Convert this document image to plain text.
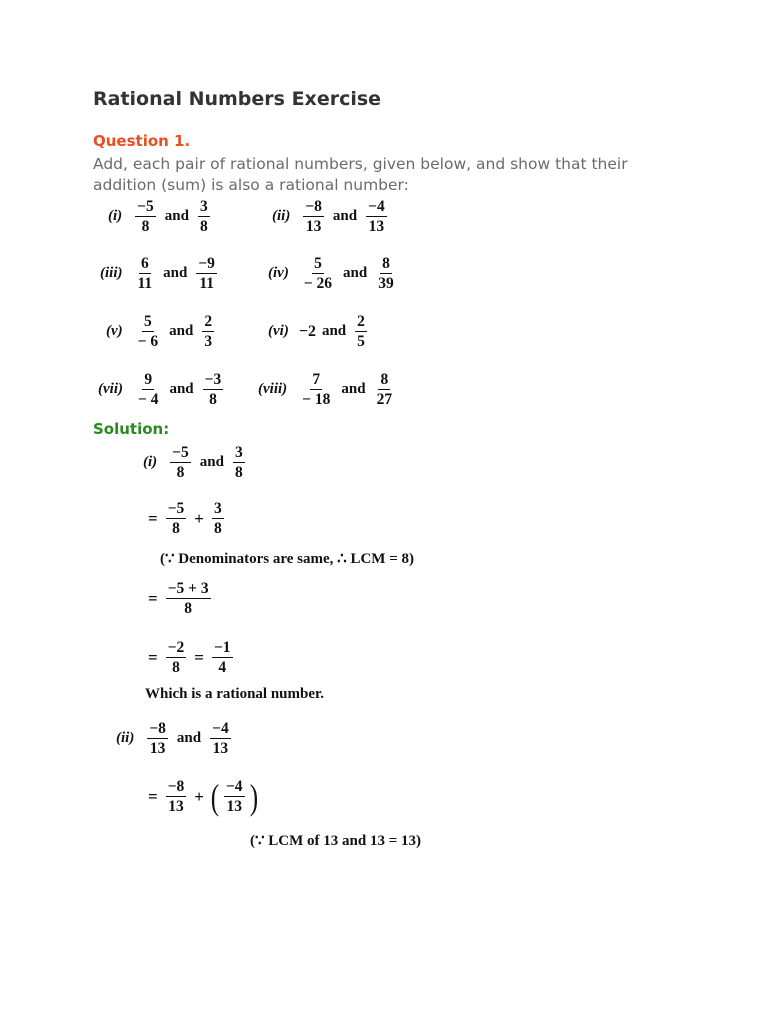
Rational Numbers Exercise
Question 1.
Add, each pair of rational numbers, given below, and show that their addition (sum) is also a rational number:
$(i) \frac{-5}{8}$ and $\frac{3}{8}$	$(ii) \frac{-8}{13}$ and $\frac{-4}{13}$
$(iii) \frac{6}{11}$ and $\frac{-9}{11}$	$(iv) \frac{5}{- 26}$ and $\frac{8}{39}$
$(v) \frac{5}{- 6}$ and $\frac{2}{3}$	(vi) −2 and $\frac{2}{5}$
$(vii) \frac{9}{- 4}$ and $\frac{-3}{8}$ (viii) $\frac{7}{- 18}$ and $\frac{8}{27}$
Solution:
$(i) \frac{-5}{8}$ and $\frac{3}{8}$
= $\frac{-5}{8} + \frac{3}{8}$
(∵ Denominators are same, ∴ LCM = 8)
= $\frac{-5 + 3}{8}$
= $\frac{-2}{8} = \frac{-1}{4}$
Which is a rational number.
$(ii) \frac{-8}{13}$ and $\frac{-4}{13}$
= $\frac{-8}{13}$ + ( $\frac{-4}{13}$ )
(∵ LCM of 13 and 13 = 13)
